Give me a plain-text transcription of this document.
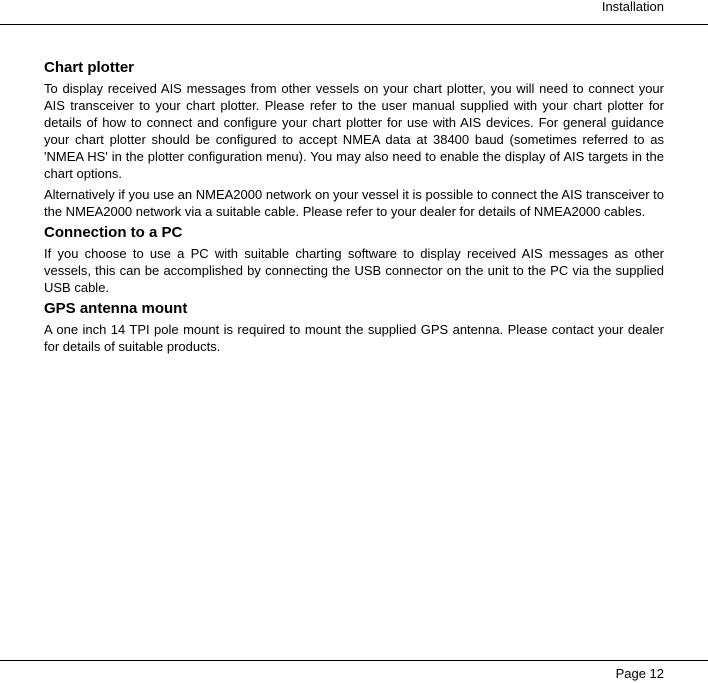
Installation
Chart plotter

To display received AIS messages from other vessels on your chart plotter, you will need to connect your AIS transceiver to your chart plotter. Please refer to the user manual supplied with your chart plotter for details of how to connect and configure your chart plotter for use with AIS devices. For general guidance your chart plotter should be configured to accept NMEA data at 38400 baud (sometimes referred to as 'NMEA HS' in the plotter configuration menu). You may also need to enable the display of AIS targets in the chart options.

Alternatively if you use an NMEA2000 network on your vessel it is possible to connect the AIS transceiver to the NMEA2000 network via a suitable cable. Please refer to your dealer for details of NMEA2000 cables.

Connection to a PC

If you choose to use a PC with suitable charting software to display received AIS messages as other vessels, this can be accomplished by connecting the USB connector on the unit to the PC via the supplied USB cable.

GPS antenna mount

A one inch 14 TPI pole mount is required to mount the supplied GPS antenna. Please contact your dealer for details of suitable products.

Page 12
